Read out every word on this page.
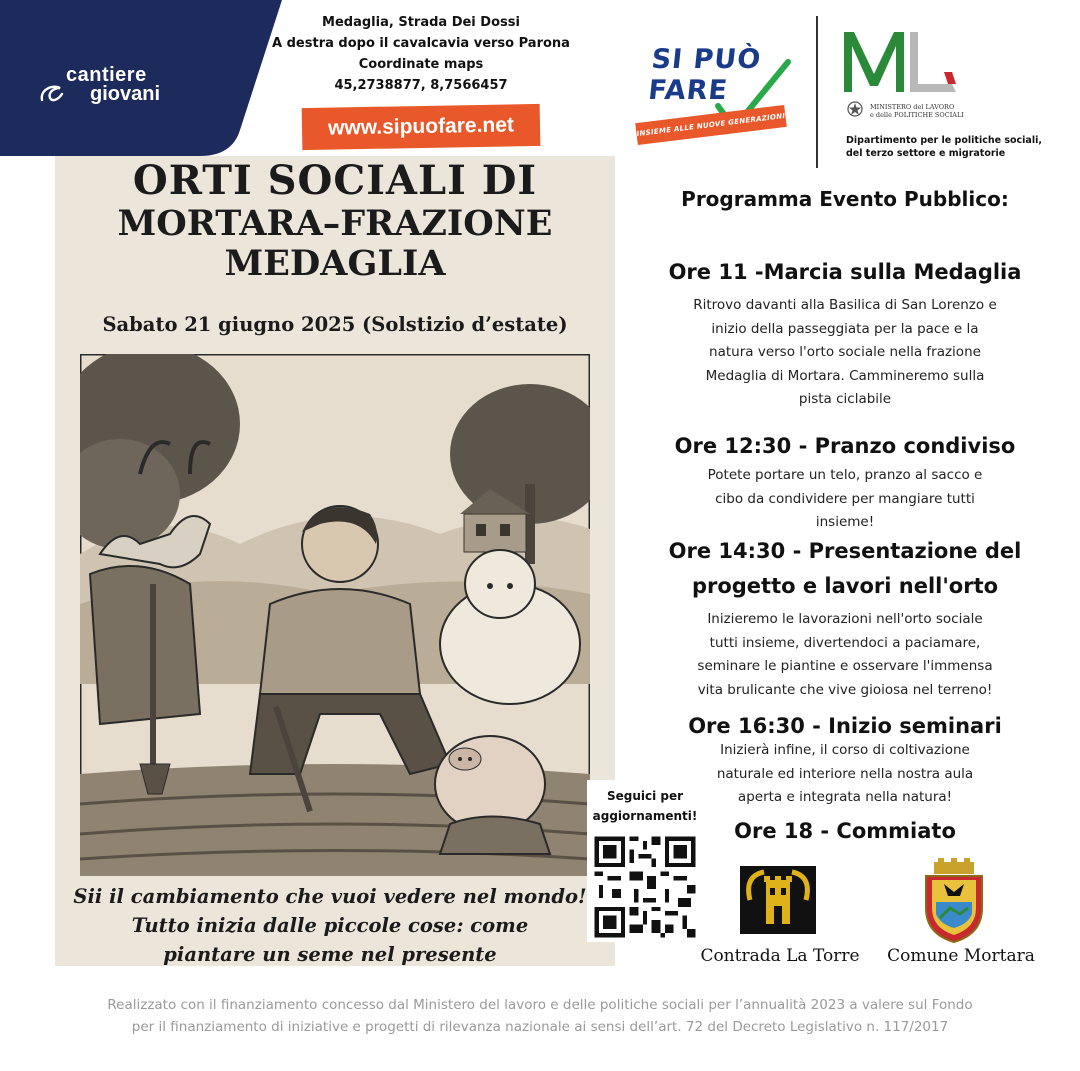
cantiere
giovani
Medaglia, Strada Dei Dossi
A destra dopo il cavalcavia verso Parona
Coordinate maps
45,2738877, 8,7566457
www.sipuofare.net
SI PUÒ
FARE
INSIEME ALLE NUOVE GENERAZIONI
MINISTERO del LAVORO
e delle POLITICHE SOCIALI
Dipartimento per le politiche sociali,
del terzo settore e migratorie
ORTI SOCIALI DI
MORTARA–FRAZIONE
MEDAGLIA
Sabato 21 giugno 2025 (Solstizio d’estate)
Sii il cambiamento che vuoi vedere nel mondo!
Tutto inizia dalle piccole cose: come
piantare un seme nel presente
Seguici per
aggiornamenti!
Programma Evento Pubblico:
Ore 11 -Marcia sulla Medaglia
Ritrovo davanti alla Basilica di San Lorenzo e
inizio della passeggiata per la pace e la
natura verso l'orto sociale nella frazione
Medaglia di Mortara. Cammineremo sulla
pista ciclabile
Ore 12:30 - Pranzo condiviso
Potete portare un telo, pranzo al sacco e
cibo da condividere per mangiare tutti
insieme!
Ore 14:30 - Presentazione del
progetto e lavori nell'orto
Inizieremo le lavorazioni nell'orto sociale
tutti insieme, divertendoci a paciamare,
seminare le piantine e osservare l'immensa
vita brulicante che vive gioiosa nel terreno!
Ore 16:30 - Inizio seminari
Inizierà infine, il corso di coltivazione
naturale ed interiore nella nostra aula
aperta e integrata nella natura!
Ore 18 - Commiato
Contrada La Torre	Comune Mortara
Realizzato con il finanziamento concesso dal Ministero del lavoro e delle politiche sociali per l’annualità 2023 a valere sul Fondo
per il finanziamento di iniziative e progetti di rilevanza nazionale ai sensi dell’art. 72 del Decreto Legislativo n. 117/2017
